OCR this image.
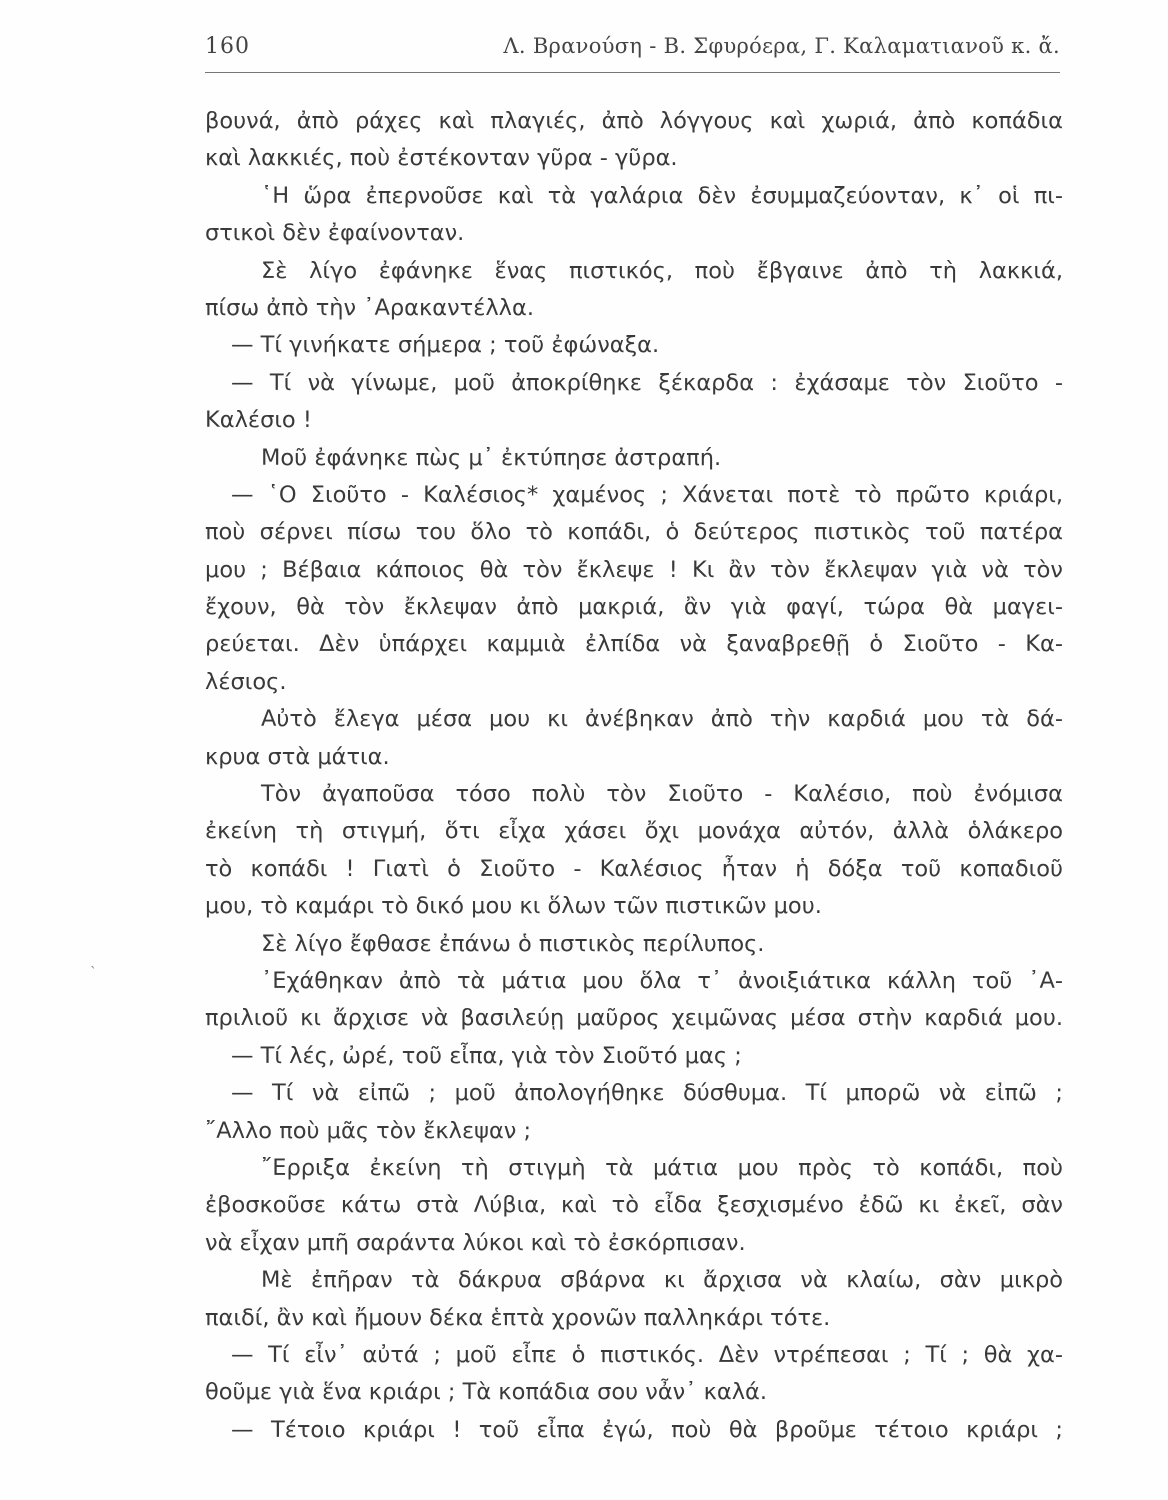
160	Λ. Βρανούση - Β. Σφυρόερα, Γ. Καλαματιανοῦ κ. ἄ.
ˋ
βουνά, ἀπὸ ράχες καὶ πλαγιές, ἀπὸ λόγγους καὶ χωριά, ἀπὸ κοπάδια
καὶ λακκιές, ποὺ ἐστέκονταν γῦρα - γῦρα.
῾Η ὥρα ἐπερνοῦσε καὶ τὰ γαλάρια δὲν ἐσυμμαζεύονταν, κ᾿ οἱ πι-
στικοὶ δὲν ἐφαίνονταν.
Σὲ λίγο ἐφάνηκε ἕνας πιστικός, ποὺ ἔβγαινε ἀπὸ τὴ λακκιά,
πίσω ἀπὸ τὴν ᾿Αρακαντέλλα.
— Τί γινήκατε σήμερα ; τοῦ ἐφώναξα.
— Τί νὰ γίνωμε, μοῦ ἀποκρίθηκε ξέκαρδα : ἐχάσαμε τὸν Σιοῦτο -
Καλέσιο !
Μοῦ ἐφάνηκε πὼς μ᾿ ἐκτύπησε ἀστραπή.
— ῾Ο Σιοῦτο - Καλέσιος* χαμένος ; Χάνεται ποτὲ τὸ πρῶτο κριάρι,
ποὺ σέρνει πίσω του ὅλο τὸ κοπάδι, ὁ δεύτερος πιστικὸς τοῦ πατέρα
μου ; Βέβαια κάποιος θὰ τὸν ἔκλεψε ! Κι ἂν τὸν ἔκλεψαν γιὰ νὰ τὸν
ἔχουν, θὰ τὸν ἔκλεψαν ἀπὸ μακριά, ἂν γιὰ φαγί, τώρα θὰ μαγει-
ρεύεται. Δὲν ὑπάρχει καμμιὰ ἐλπίδα νὰ ξαναβρεθῇ ὁ Σιοῦτο - Κα-
λέσιος.
Αὐτὸ ἔλεγα μέσα μου κι ἀνέβηκαν ἀπὸ τὴν καρδιά μου τὰ δά-
κρυα στὰ μάτια.
Τὸν ἀγαποῦσα τόσο πολὺ τὸν Σιοῦτο - Καλέσιο, ποὺ ἐνόμισα
ἐκείνη τὴ στιγμή, ὅτι εἶχα χάσει ὄχι μονάχα αὐτόν, ἀλλὰ ὁλάκερο
τὸ κοπάδι ! Γιατὶ ὁ Σιοῦτο - Καλέσιος ἦταν ἡ δόξα τοῦ κοπαδιοῦ
μου, τὸ καμάρι τὸ δικό μου κι ὅλων τῶν πιστικῶν μου.
Σὲ λίγο ἔφθασε ἐπάνω ὁ πιστικὸς περίλυπος.
᾿Εχάθηκαν ἀπὸ τὰ μάτια μου ὅλα τ᾿ ἀνοιξιάτικα κάλλη τοῦ ᾿Α-
πριλιοῦ κι ἄρχισε νὰ βασιλεύῃ μαῦρος χειμῶνας μέσα στὴν καρδιά μου.
— Τί λές, ὠρέ, τοῦ εἶπα, γιὰ τὸν Σιοῦτό μας ;
— Τί νὰ εἰπῶ ; μοῦ ἀπολογήθηκε δύσθυμα. Τί μπορῶ νὰ εἰπῶ ;
῎Αλλο ποὺ μᾶς τὸν ἔκλεψαν ;
῎Ερριξα ἐκείνη τὴ στιγμὴ τὰ μάτια μου πρὸς τὸ κοπάδι, ποὺ
ἐβοσκοῦσε κάτω στὰ Λύβια, καὶ τὸ εἶδα ξεσχισμένο ἐδῶ κι ἐκεῖ, σὰν
νὰ εἶχαν μπῆ σαράντα λύκοι καὶ τὸ ἐσκόρπισαν.
Μὲ ἐπῆραν τὰ δάκρυα σβάρνα κι ἄρχισα νὰ κλαίω, σὰν μικρὸ
παιδί, ἂν καὶ ἤμουν δέκα ἑπτὰ χρονῶν παλληκάρι τότε.
— Τί εἶν᾿ αὐτά ; μοῦ εἶπε ὁ πιστικός. Δὲν ντρέπεσαι ; Τί ; θὰ χα-
θοῦμε γιὰ ἕνα κριάρι ; Τὰ κοπάδια σου νἆν᾿ καλά.
— Τέτοιο κριάρι ! τοῦ εἶπα ἐγώ, ποὺ θὰ βροῦμε τέτοιο κριάρι ;
